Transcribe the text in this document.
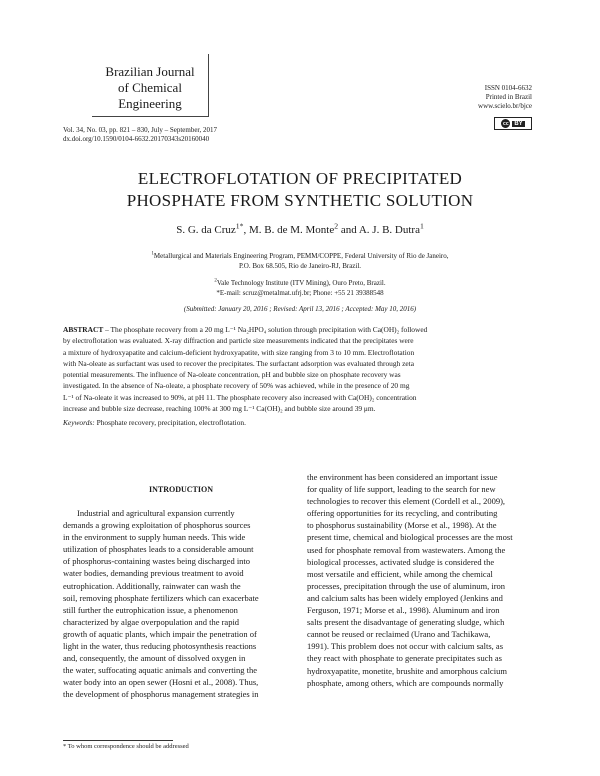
Brazilian Journal
of Chemical
Engineering
ISSN 0104-6632
Printed in Brazil
www.scielo.br/bjce
cc BY
Vol. 34, No. 03, pp. 821 – 830, July – September, 2017
dx.doi.org/10.1590/0104-6632.20170343s20160040
ELECTROFLOTATION OF PRECIPITATED
PHOSPHATE FROM SYNTHETIC SOLUTION
S. G. da Cruz$^{1*}$, M. B. de M. Monte$^2$ and A. J. B. Dutra$^1$
$^1$Metallurgical and Materials Engineering Program, PEMM/COPPE, Federal University of Rio de Janeiro,
P.O. Box 68.505, Rio de Janeiro-RJ, Brazil.
$^2$Vale Technology Institute (ITV Mining), Ouro Preto, Brazil.
*E-mail: scruz@metalmat.ufrj.br; Phone: +55 21 39388548
(Submitted: January 20, 2016 ; Revised: April 13, 2016 ; Accepted: May 10, 2016)
ABSTRACT – The phosphate recovery from a 20 mg L⁻¹ Na₂HPO₄ solution through precipitation with Ca(OH)₂ followed
by electroflotation was evaluated. X-ray diffraction and particle size measurements indicated that the precipitates were
a mixture of hydroxyapatite and calcium-deficient hydroxyapatite, with size ranging from 3 to 10 mm. Electroflotation
with Na-oleate as surfactant was used to recover the precipitates. The surfactant adsorption was evaluated through zeta
potential measurements. The influence of Na-oleate concentration, pH and bubble size on phosphate recovery was
investigated. In the absence of Na-oleate, a phosphate recovery of 50% was achieved, while in the presence of 20 mg
L⁻¹ of Na-oleate it was increased to 90%, at pH 11. The phosphate recovery also increased with Ca(OH)₂ concentration
increase and bubble size decrease, reaching 100% at 300 mg L⁻¹ Ca(OH)₂ and bubble size around 39 μm.
Keywords: Phosphate recovery, precipitation, electroflotation.
INTRODUCTION
Industrial and agricultural expansion currently
demands a growing exploitation of phosphorus sources
in the environment to supply human needs. This wide
utilization of phosphates leads to a considerable amount
of phosphorus-containing wastes being discharged into
water bodies, demanding previous treatment to avoid
eutrophication. Additionally, rainwater can wash the
soil, removing phosphate fertilizers which can exacerbate
still further the eutrophication issue, a phenomenon
characterized by algae overpopulation and the rapid
growth of aquatic plants, which impair the penetration of
light in the water, thus reducing photosynthesis reactions
and, consequently, the amount of dissolved oxygen in
the water, suffocating aquatic animals and converting the
water body into an open sewer (Hosni et al., 2008). Thus,
the development of phosphorus management strategies in
the environment has been considered an important issue
for quality of life support, leading to the search for new
technologies to recover this element (Cordell et al., 2009),
offering opportunities for its recycling, and contributing
to phosphorus sustainability (Morse et al., 1998). At the
present time, chemical and biological processes are the most
used for phosphate removal from wastewaters. Among the
biological processes, activated sludge is considered the
most versatile and efficient, while among the chemical
processes, precipitation through the use of aluminum, iron
and calcium salts has been widely employed (Jenkins and
Ferguson, 1971; Morse et al., 1998). Aluminum and iron
salts present the disadvantage of generating sludge, which
cannot be reused or reclaimed (Urano and Tachikawa,
1991). This problem does not occur with calcium salts, as
they react with phosphate to generate precipitates such as
hydroxyapatite, monetite, brushite and amorphous calcium
phosphate, among others, which are compounds normally
* To whom correspondence should be addressed
